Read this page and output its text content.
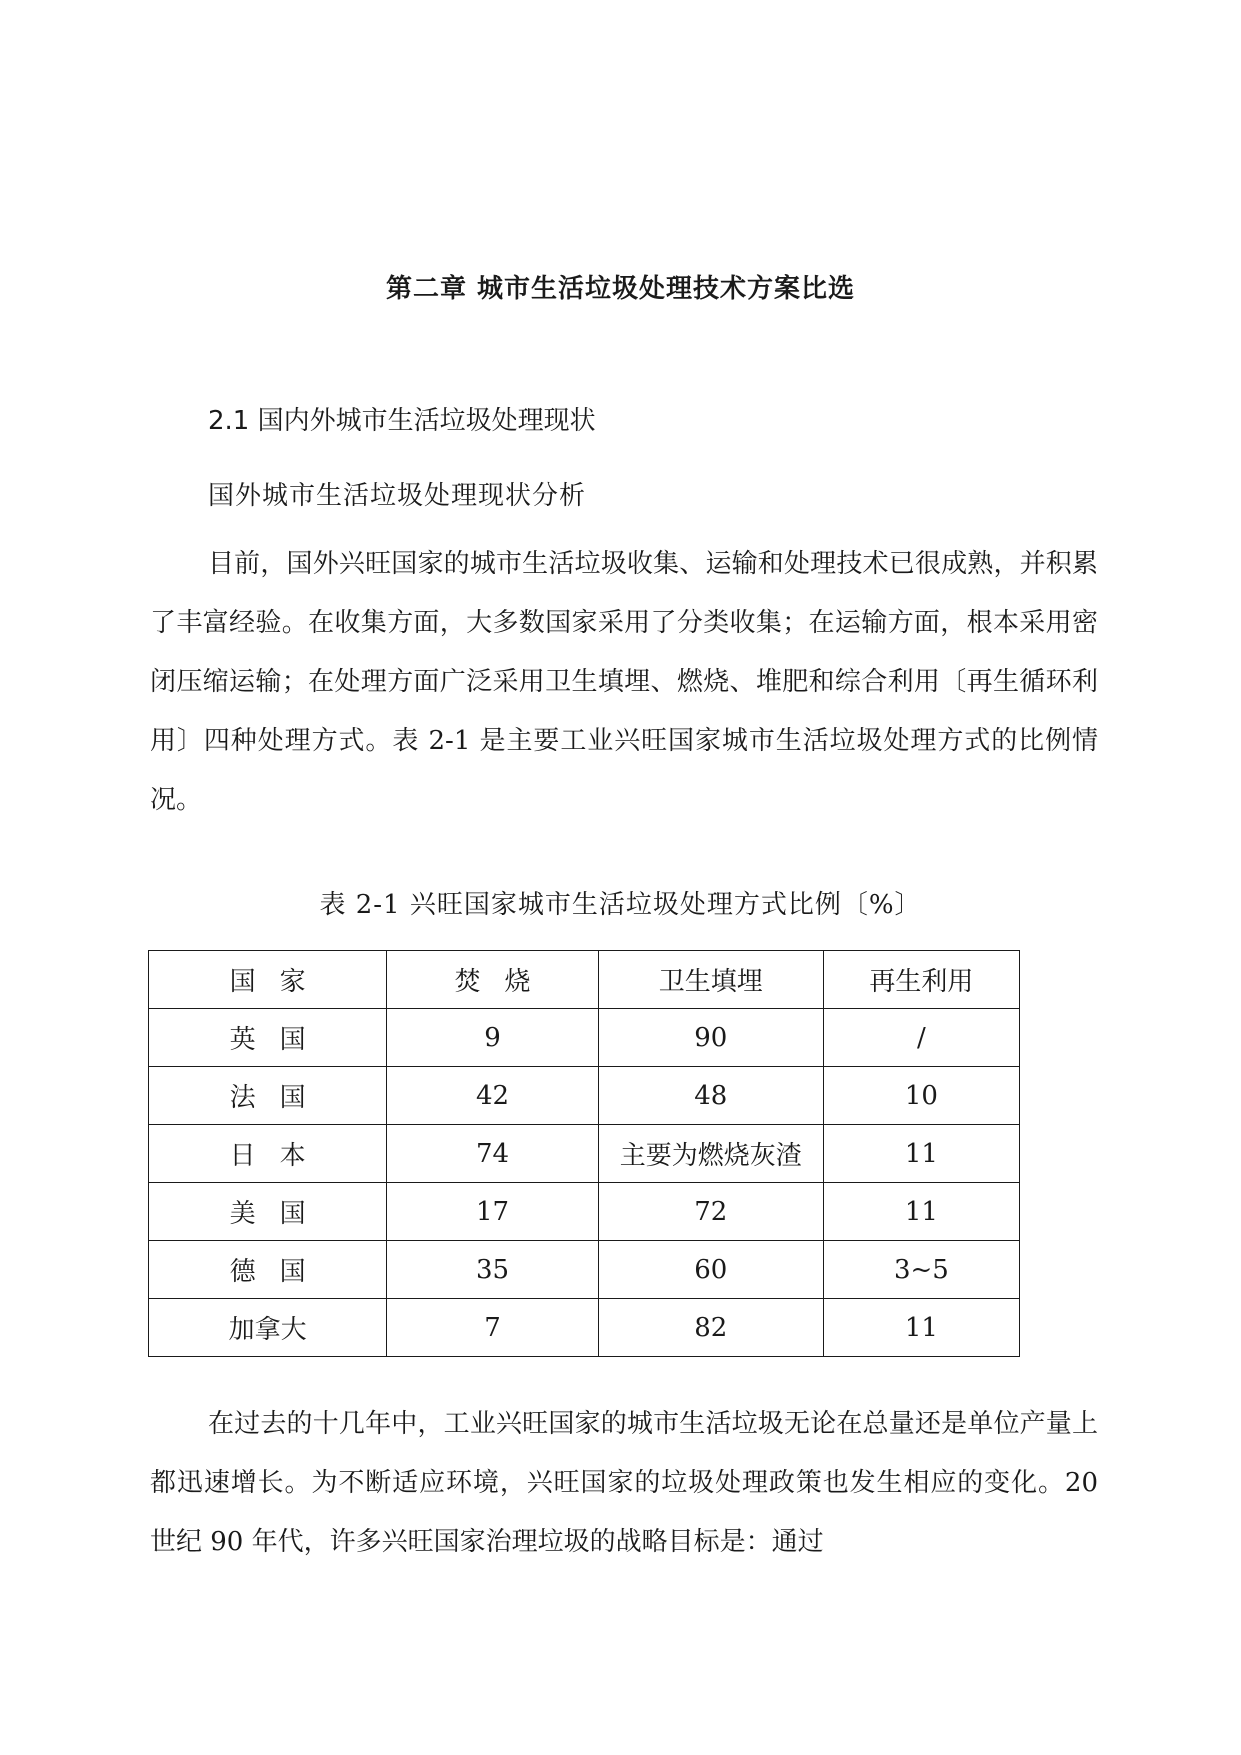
第二章 城市生活垃圾处理技术方案比选
2.1 国内外城市生活垃圾处理现状
国外城市生活垃圾处理现状分析

目前，国外兴旺国家的城市生活垃圾收集、运输和处理技术已很成熟，并积累了丰富经验。在收集方面，大多数国家采用了分类收集；在运输方面，根本采用密闭压缩运输；在处理方面广泛采用卫生填埋、燃烧、堆肥和综合利用〔再生循环利用〕四种处理方式。表 2-1 是主要工业兴旺国家城市生活垃圾处理方式的比例情况。

表 2-1 兴旺国家城市生活垃圾处理方式比例〔%〕
国家	焚烧	卫生填埋	再生利用
英国	9	90	/
法国	42	48	10
日本	74	主要为燃烧灰渣	11
美国	17	72	11
德国	35	60	3~5
加拿大	7	82	11

在过去的十几年中，工业兴旺国家的城市生活垃圾无论在总量还是单位产量上都迅速增长。为不断适应环境，兴旺国家的垃圾处理政策也发生相应的变化。20 世纪 90 年代，许多兴旺国家治理垃圾的战略目标是：通过
